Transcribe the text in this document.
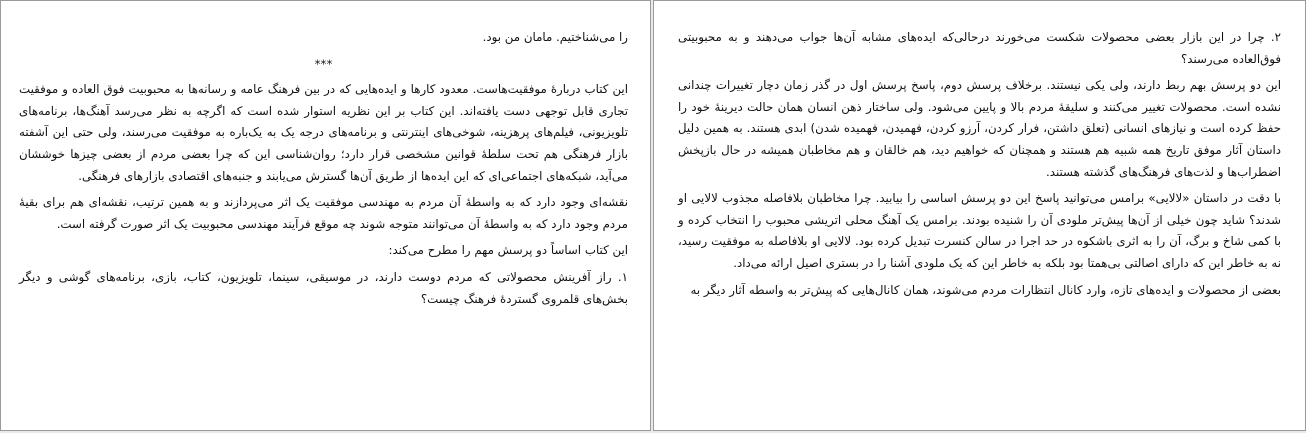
را می‌شناختیم. مامان من بود.

***

این کتاب دربارهٔ موفقیت‌هاست. معدود کارها و ایده‌هایی که در بین فرهنگ عامه و رسانه‌ها به محبوبیت فوق العاده و موفقیت تجاری قابل توجهی دست یافته‌اند. این کتاب بر این نظریه استوار شده است که اگرچه به نظر می‌رسد آهنگ‌ها، برنامه‌های تلویزیونی، فیلم‌های پرهزینه، شوخی‌های اینترنتی و برنامه‌های درجه یک به یک‌باره به موفقیت می‌رسند، ولی حتی این آشفته بازار فرهنگی هم تحت سلطهٔ قوانین مشخصی قرار دارد؛ روان‌شناسی این که چرا بعضی مردم از بعضی چیزها خوششان می‌آید، شبکه‌های اجتماعی‌ای که این ایده‌ها از طریق آن‌ها گسترش می‌یابند و جنبه‌های اقتصادی بازارهای فرهنگی.

نقشه‌ای وجود دارد که به واسطهٔ آن مردم به مهندسی موفقیت یک اثر می‌پردازند و به همین ترتیب، نقشه‌ای هم برای بقیهٔ مردم وجود دارد که به واسطهٔ آن می‌توانند متوجه شوند چه موقع فرآیند مهندسی محبوبیت یک اثر صورت گرفته است.

این کتاب اساساً دو پرسش مهم را مطرح می‌کند:

۱. راز آفرینش محصولاتی که مردم دوست دارند، در موسیقی، سینما، تلویزیون، کتاب، بازی، برنامه‌های گوشی و دیگر بخش‌های قلمروی گستردهٔ فرهنگ چیست؟

۲. چرا در این بازار بعضی محصولات شکست می‌خورند درحالی‌که ایده‌های مشابه آن‌ها جواب می‌دهند و به محبوبیتی فوق‌العاده می‌رسند؟

این دو پرسش بهم ربط دارند، ولی یکی نیستند. برخلاف پرسش دوم، پاسخ پرسش اول در گذر زمان دچار تغییرات چندانی نشده است. محصولات تغییر می‌کنند و سلیقهٔ مردم بالا و پایین می‌شود. ولی ساختار ذهن انسان همان حالت دیرینهٔ خود را حفظ کرده است و نیازهای انسانی (تعلق داشتن، فرار کردن، آرزو کردن، فهمیدن، فهمیده شدن) ابدی هستند. به همین دلیل داستان آثار موفق تاریخ همه شبیه هم هستند و همچنان که خواهیم دید، هم خالقان و هم مخاطبان همیشه در حال بازپخش اضطراب‌ها و لذت‌های فرهنگ‌های گذشته هستند.

با دقت در داستان «لالایی» برامس می‌توانید پاسخ این دو پرسش اساسی را بیابید. چرا مخاطبان بلافاصله مجذوب لالایی او شدند؟ شاید چون خیلی از آن‌ها پیش‌تر ملودی آن را شنیده بودند. برامس یک آهنگ محلی اتریشی محبوب را انتخاب کرده و با کمی شاخ و برگ، آن را به اثری باشکوه در حد اجرا در سالن کنسرت تبدیل کرده بود. لالایی او بلافاصله به موفقیت رسید، نه به خاطر این که دارای اصالتی بی‌همتا بود بلکه به خاطر این که یک ملودی آشنا را در بستری اصیل ارائه می‌داد.

بعضی از محصولات و ایده‌های تازه، وارد کانال انتظارات مردم می‌شوند، همان کانال‌هایی که پیش‌تر به واسطه آثار دیگر به
